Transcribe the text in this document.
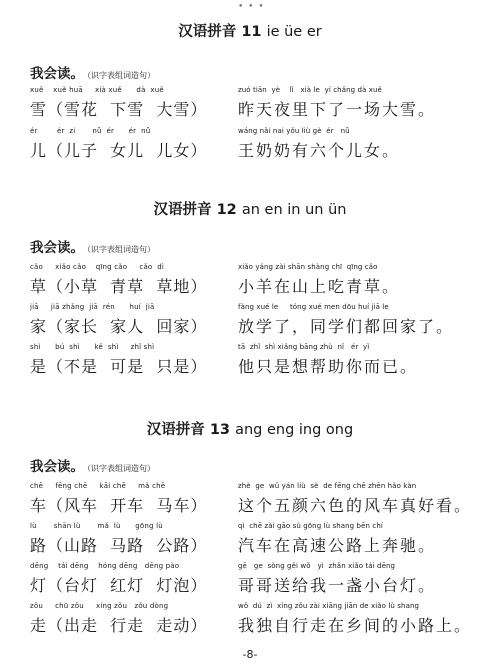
• • •
汉语拼音 11 ie üe er
我会读。 （识字表组词造句）
xuě    xuě huā     xià xuě      dà  xuě
雪（雪花  下雪  大雪）
zuó tiān  yè    lǐ   xià le  yí chǎng dà xuě
昨天夜里下了一场大雪。
ér        ér  zi       nǚ  ér      ér  nǚ
儿（儿子  女儿  儿女）
wáng nǎi nai yǒu liù gè  ér   nǚ
王奶奶有六个儿女。
汉语拼音 12 an en in un ün
我会读。 （识字表组词造句）
cǎo     xiǎo cǎo    qīng cǎo     cǎo  dì
草（小草  青草  草地）
xiǎo yáng zài shān shàng chī  qīng cǎo
小羊在山上吃青草。
jiā     jiā zhǎng  jiā  rén      huí  jiā
家（家长  家人  回家）
fàng xué le     tóng xué men dōu huí jiā le
放学了，同学们都回家了。
shì      bú  shì      kě  shì     zhǐ shì
是（不是  可是  只是）
tā  zhǐ  shì xiǎng bāng zhù  nǐ   ér  yǐ
他只是想帮助你而已。
汉语拼音 13 ang eng ing ong
我会读。 （识字表组词造句）
chē     fēng chē     kāi chē     mǎ chē
车（风车  开车  马车）
zhè  ge  wǔ yán liù  sè  de fēng chē zhēn hǎo kàn
这个五颜六色的风车真好看。
lù       shān lù       mǎ  lù      gōng lù
路（山路  马路  公路）
qì  chē zài gāo sù gōng lù shang bēn chí
汽车在高速公路上奔驰。
dēng    tái dēng    hóng dēng   dēng pào
灯（台灯  红灯  灯泡）
gē   ge  sòng gěi wǒ   yì  zhǎn xiǎo tái dēng
哥哥送给我一盏小台灯。
zǒu     chū zǒu     xíng zǒu   zǒu dòng
走（出走  行走  走动）
wǒ  dú  zì  xíng zǒu zài xiāng jiān de xiǎo lù shang
我独自行走在乡间的小路上。
-8-
